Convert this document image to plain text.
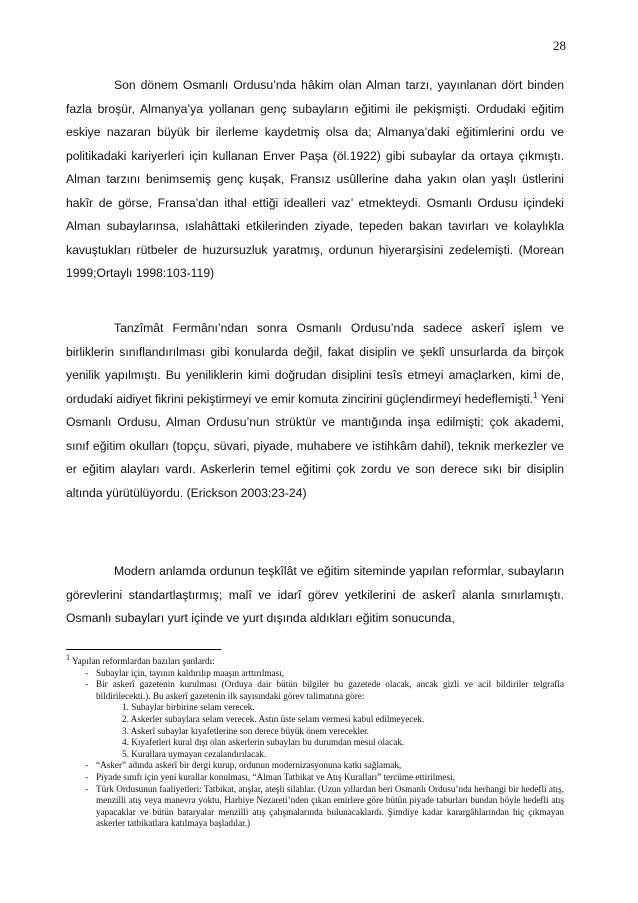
28

Son dönem Osmanlı Ordusu’nda hâkim olan Alman tarzı, yayınlanan dört binden fazla broşür, Almanya’ya yollanan genç subayların eğitimi ile pekişmişti. Ordudaki eğitim eskiye nazaran büyük bir ilerleme kaydetmiş olsa da; Almanya’daki eğitimlerini ordu ve politikadaki kariyerleri için kullanan Enver Paşa (öl.1922) gibi subaylar da ortaya çıkmıştı. Alman tarzını benimsemiş genç kuşak, Fransız usûllerine daha yakın olan yaşlı üstlerini hakîr de görse, Fransa’dan ithal ettiği idealleri vaz’ etmekteydi. Osmanlı Ordusu içindeki Alman subaylarınsa, ıslahâttaki etkilerinden ziyade, tepeden bakan tavırları ve kolaylıkla kavuştukları rütbeler de huzursuzluk yaratmış, ordunun hiyerarşisini zedelemişti. (Morean 1999;Ortaylı 1998:103-119)

Tanzîmât Fermânı’ndan sonra Osmanlı Ordusu’nda sadece askerî işlem ve birliklerin sınıflandırılması gibi konularda değil, fakat disiplin ve şeklî unsurlarda da birçok yenilik yapılmıştı. Bu yeniliklerin kimi doğrudan disiplini tesîs etmeyi amaçlarken, kimi de, ordudaki aidiyet fikrini pekiştirmeyi ve emir komuta zincirini güçlendirmeyi hedeflemişti.$^1$ Yeni Osmanlı Ordusu, Alman Ordusu’nun strüktür ve mantığında inşa edilmişti; çok akademi, sınıf eğitim okulları (topçu, süvari, piyade, muhabere ve istihkâm dahil), teknik merkezler ve er eğitim alayları vardı. Askerlerin temel eğitimi çok zordu ve son derece sıkı bir disiplin altında yürütülüyordu. (Erickson 2003:23-24)

Modern anlamda ordunun teşkîlât ve eğitim siteminde yapılan reformlar, subayların görevlerini standartlaştırmış; malî ve idarî görev yetkilerini de askerî alanla sınırlamıştı. Osmanlı subayları yurt içinde ve yurt dışında aldıkları eğitim sonucunda,

$^1$ Yapılan reformlardan bazıları şunlardı:

- Subaylar için, tayının kaldırılıp maaşın arttırılması,
- Bir askerî gazetenin kurulması (Orduya dair bütün bilgiler bu gazetede olacak, ancak gizli ve acil bildiriler telgrafla bildirilecekti.). Bu askerî gazetenin ilk sayısındaki görev talimatına göre:
1. Subaylar birbirine selam verecek.
2. Askerler subaylara selam verecek. Astın üste selam vermesi kabul edilmeyecek.
3. Askerî subaylar kıyafetlerine son derece büyük önem verecekler.
4. Kıyafetleri kural dışı olan askerlerin subayları bu durumdan mesul olacak.
5. Kurallara uymayan cezalandırılacak.
- “Asker” adında askerî bir dergi kurup, ordunun modernizasyonuna katkı sağlamak,
- Piyade sınıfı için yeni kurallar konulması, “Alman Tatbikat ve Atış Kuralları” tercüme ettirilmesi,
- Türk Ordusunun faaliyetleri: Tatbikat, atışlar, ateşli silahlar. (Uzun yıllardan beri Osmanlı Ordusu’nda herhangi bir hedefli atış, menzilli atış veya manevra yoktu, Harbiye Nezareti’nden çıkan emirlere göre bütün piyade taburları bundan böyle hedefli atış yapacaklar ve bütün bataryalar menzilli atış çalışmalarında bulunacaklardı. Şimdiye kadar karargâhlarından hiç çıkmayan askerler tatbikatlara katılmaya başladılar.)
